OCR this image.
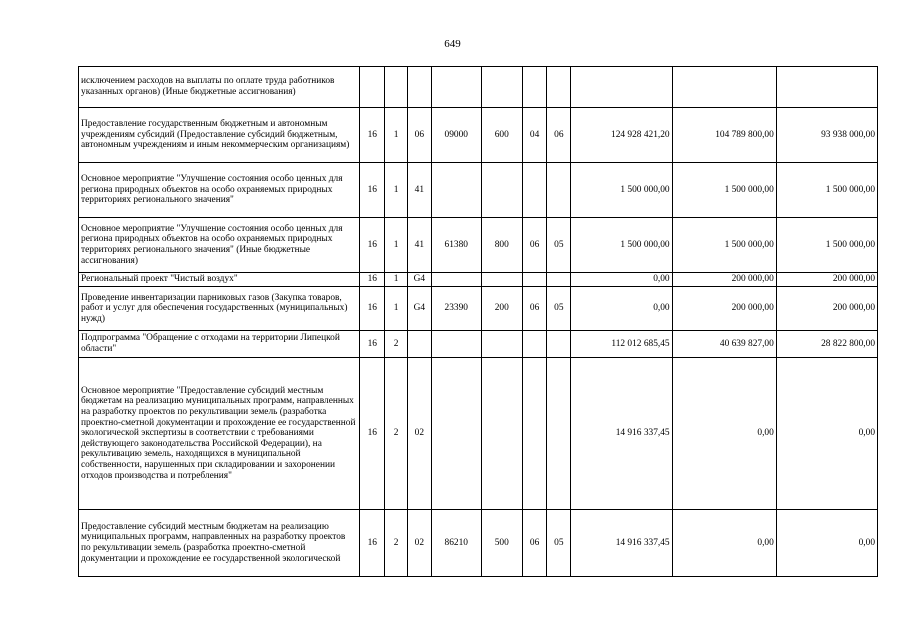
649
исключением расходов на выплаты по оплате труда работников указанных органов) (Иные бюджетные ассигнования)										
Предоставление государственным бюджетным и автономным учреждениям субсидий (Предоставление субсидий бюджетным, автономным учреждениям и иным некоммерческим организациям)	16	1	06	09000	600	04	06	124 928 421,20	104 789 800,00	93 938 000,00
Основное мероприятие "Улучшение состояния особо ценных для региона природных объектов на особо охраняемых природных территориях регионального значения"	16	1	41					1 500 000,00	1 500 000,00	1 500 000,00
Основное мероприятие "Улучшение состояния особо ценных для региона природных объектов на особо охраняемых природных территориях регионального значения" (Иные бюджетные ассигнования)	16	1	41	61380	800	06	05	1 500 000,00	1 500 000,00	1 500 000,00
Региональный проект "Чистый воздух"	16	1	G4					0,00	200 000,00	200 000,00
Проведение инвентаризации парниковых газов (Закупка товаров, работ и услуг для обеспечения государственных (муниципальных) нужд)	16	1	G4	23390	200	06	05	0,00	200 000,00	200 000,00
Подпрограмма "Обращение с отходами на территории Липецкой области"	16	2						112 012 685,45	40 639 827,00	28 822 800,00
Основное мероприятие "Предоставление субсидий местным бюджетам на реализацию муниципальных программ, направленных на разработку проектов по рекультивации земель (разработка проектно-сметной документации и прохождение ее государственной экологической экспертизы в соответствии с требованиями действующего законодательства Российской Федерации), на рекультивацию земель, находящихся в муниципальной собственности, нарушенных при складировании и захоронении отходов производства и потребления"	16	2	02					14 916 337,45	0,00	0,00
Предоставление субсидий местным бюджетам на реализацию муниципальных программ, направленных на разработку проектов по рекультивации земель (разработка проектно-сметной документации и прохождение ее государственной экологической	16	2	02	86210	500	06	05	14 916 337,45	0,00	0,00
